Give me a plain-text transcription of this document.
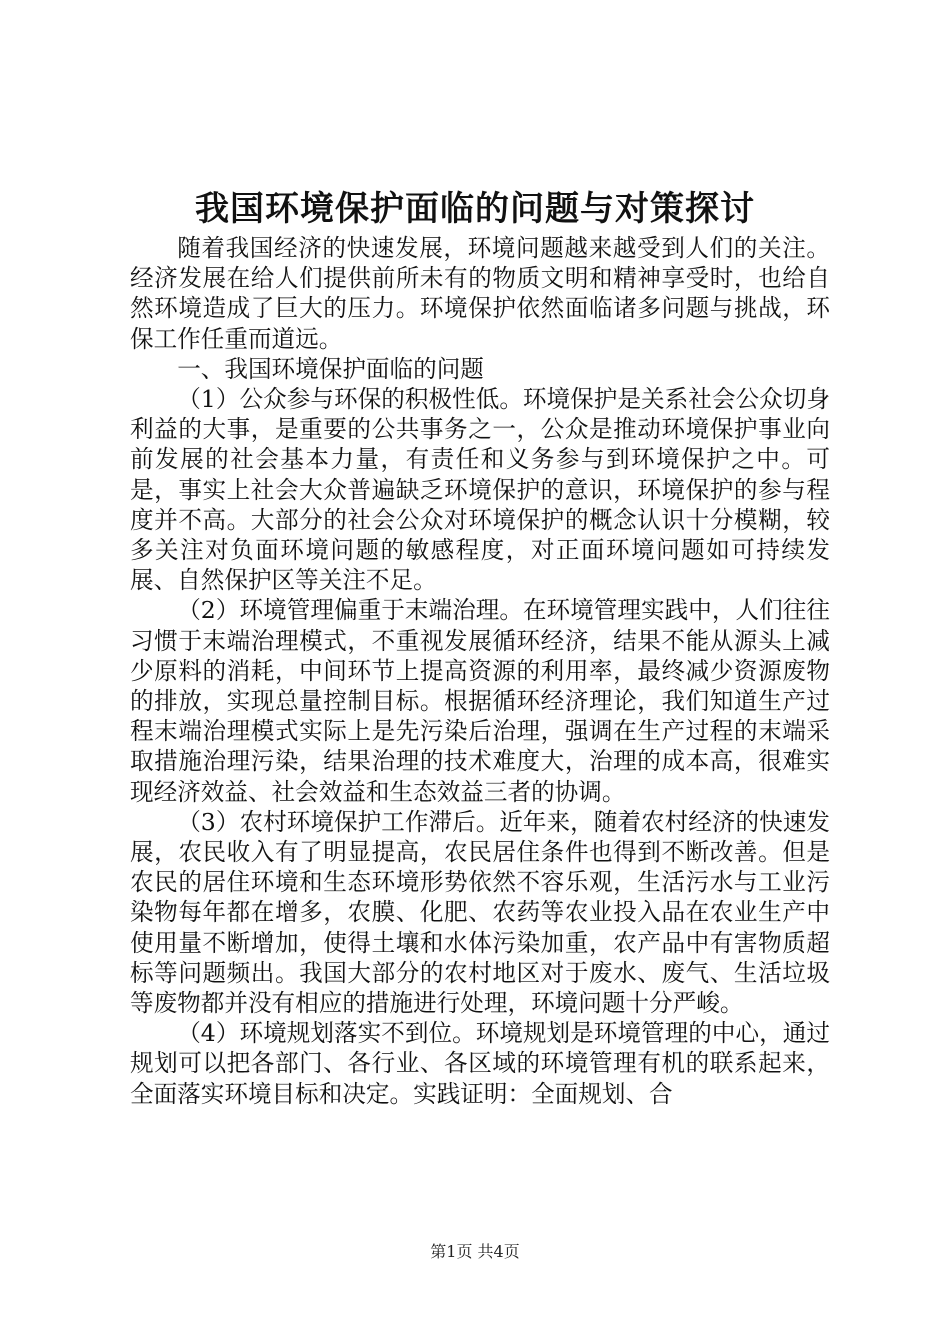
我国环境保护面临的问题与对策探讨

随着我国经济的快速发展，环境问题越来越受到人们的关注。经济发展在给人们提供前所未有的物质文明和精神享受时，也给自然环境造成了巨大的压力。环境保护依然面临诸多问题与挑战，环保工作任重而道远。

一、我国环境保护面临的问题

（1）公众参与环保的积极性低。环境保护是关系社会公众切身利益的大事，是重要的公共事务之一，公众是推动环境保护事业向前发展的社会基本力量，有责任和义务参与到环境保护之中。可是，事实上社会大众普遍缺乏环境保护的意识，环境保护的参与程度并不高。大部分的社会公众对环境保护的概念认识十分模糊，较多关注对负面环境问题的敏感程度，对正面环境问题如可持续发展、自然保护区等关注不足。

（2）环境管理偏重于末端治理。在环境管理实践中，人们往往习惯于末端治理模式，不重视发展循环经济，结果不能从源头上减少原料的消耗，中间环节上提高资源的利用率，最终减少资源废物的排放，实现总量控制目标。根据循环经济理论，我们知道生产过程末端治理模式实际上是先污染后治理，强调在生产过程的末端采取措施治理污染，结果治理的技术难度大，治理的成本高，很难实现经济效益、社会效益和生态效益三者的协调。

（3）农村环境保护工作滞后。近年来，随着农村经济的快速发展，农民收入有了明显提高，农民居住条件也得到不断改善。但是农民的居住环境和生态环境形势依然不容乐观，生活污水与工业污染物每年都在增多，农膜、化肥、农药等农业投入品在农业生产中使用量不断增加，使得土壤和水体污染加重，农产品中有害物质超标等问题频出。我国大部分的农村地区对于废水、废气、生活垃圾等废物都并没有相应的措施进行处理，环境问题十分严峻。

（4）环境规划落实不到位。环境规划是环境管理的中心，通过规划可以把各部门、各行业、各区域的环境管理有机的联系起来，全面落实环境目标和决定。实践证明：全面规划、合

第1页 共4页
